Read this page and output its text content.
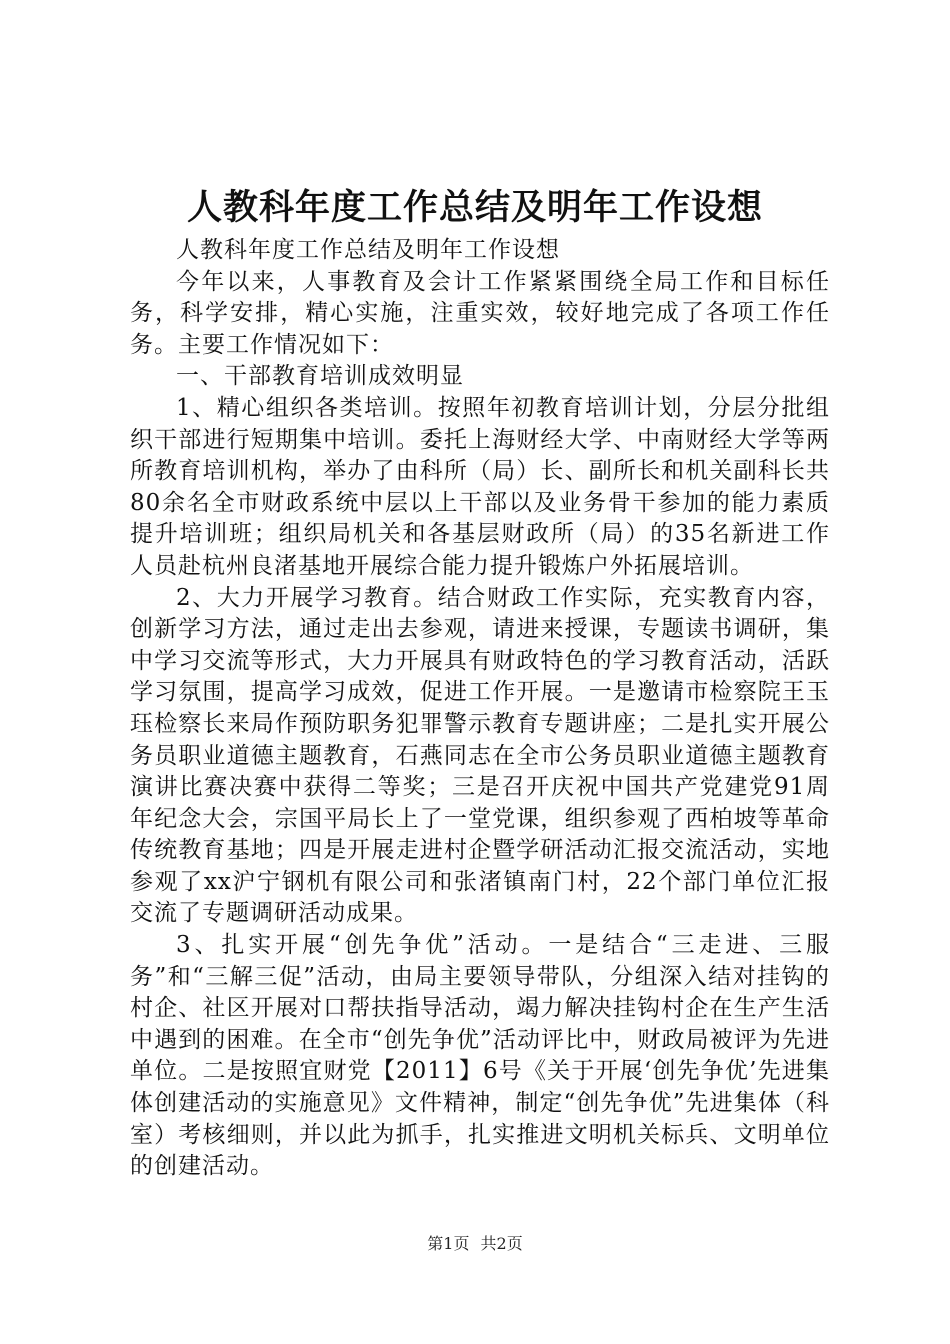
人教科年度工作总结及明年工作设想

人教科年度工作总结及明年工作设想

今年以来，人事教育及会计工作紧紧围绕全局工作和目标任务，科学安排，精心实施，注重实效，较好地完成了各项工作任务。主要工作情况如下：

一、干部教育培训成效明显

1、精心组织各类培训。按照年初教育培训计划，分层分批组织干部进行短期集中培训。委托上海财经大学、中南财经大学等两所教育培训机构，举办了由科所（局）长、副所长和机关副科长共80余名全市财政系统中层以上干部以及业务骨干参加的能力素质提升培训班；组织局机关和各基层财政所（局）的35名新进工作人员赴杭州良渚基地开展综合能力提升锻炼户外拓展培训。

2、大力开展学习教育。结合财政工作实际，充实教育内容，创新学习方法，通过走出去参观，请进来授课，专题读书调研，集中学习交流等形式，大力开展具有财政特色的学习教育活动，活跃学习氛围，提高学习成效，促进工作开展。一是邀请市检察院王玉珏检察长来局作预防职务犯罪警示教育专题讲座；二是扎实开展公务员职业道德主题教育，石燕同志在全市公务员职业道德主题教育演讲比赛决赛中获得二等奖；三是召开庆祝中国共产党建党91周年纪念大会，宗国平局长上了一堂党课，组织参观了西柏坡等革命传统教育基地；四是开展走进村企暨学研活动汇报交流活动，实地参观了xx沪宁钢机有限公司和张渚镇南门村，22个部门单位汇报交流了专题调研活动成果。

3、扎实开展“创先争优”活动。一是结合“三走进、三服务”和“三解三促”活动，由局主要领导带队，分组深入结对挂钩的村企、社区开展对口帮扶指导活动，竭力解决挂钩村企在生产生活中遇到的困难。在全市“创先争优”活动评比中，财政局被评为先进单位。二是按照宜财党【2011】6号《关于开展‘创先争优’先进集体创建活动的实施意见》文件精神，制定“创先争优”先进集体（科室）考核细则，并以此为抓手，扎实推进文明机关标兵、文明单位的创建活动。

第1页 共2页
